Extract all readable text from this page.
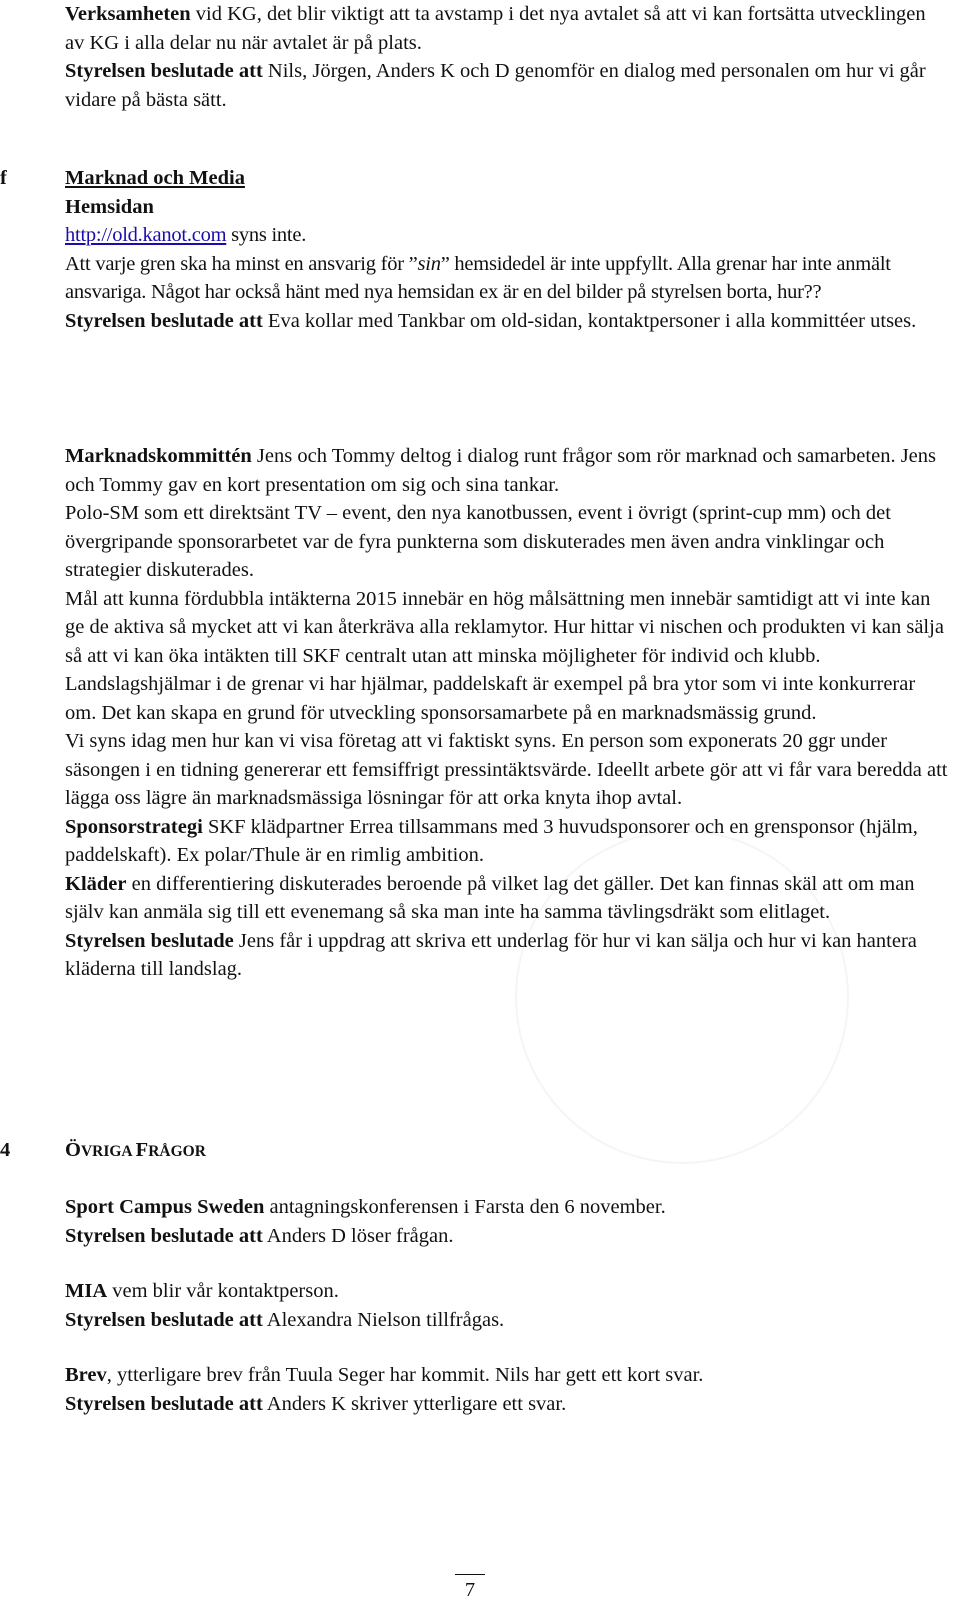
Verksamheten vid KG, det blir viktigt att ta avstamp i det nya avtalet så att vi kan fortsätta utvecklingen av KG i alla delar nu när avtalet är på plats.

Styrelsen beslutade att Nils, Jörgen, Anders K och D genomför en dialog med personalen om hur vi går vidare på bästa sätt.

f	Marknad och Media

Hemsidan

http://old.kanot.com syns inte.

Att varje gren ska ha minst en ansvarig för ”sin” hemsidedel är inte uppfyllt. Alla grenar har inte anmält ansvariga. Något har också hänt med nya hemsidan ex är en del bilder på styrelsen borta, hur??

Styrelsen beslutade att Eva kollar med Tankbar om old-sidan, kontaktpersoner i alla kommittéer utses.

Marknadskommittén Jens och Tommy deltog i dialog runt frågor som rör marknad och samarbeten. Jens och Tommy gav en kort presentation om sig och sina tankar.

Polo-SM som ett direktsänt TV – event, den nya kanotbussen, event i övrigt (sprint-cup mm) och det övergripande sponsorarbetet var de fyra punkterna som diskuterades men även andra vinklingar och strategier diskuterades.

Mål att kunna fördubbla intäkterna 2015 innebär en hög målsättning men innebär samtidigt att vi inte kan ge de aktiva så mycket att vi kan återkräva alla reklamytor. Hur hittar vi nischen och produkten vi kan sälja så att vi kan öka intäkten till SKF centralt utan att minska möjligheter för individ och klubb.

Landslagshjälmar i de grenar vi har hjälmar, paddelskaft är exempel på bra ytor som vi inte konkurrerar om. Det kan skapa en grund för utveckling sponsorsamarbete på en marknadsmässig grund.

Vi syns idag men hur kan vi visa företag att vi faktiskt syns. En person som exponerats 20 ggr under säsongen i en tidning genererar ett femsiffrigt pressintäktsvärde. Ideellt arbete gör att vi får vara beredda att lägga oss lägre än marknadsmässiga lösningar för att orka knyta ihop avtal.

Sponsorstrategi SKF klädpartner Errea tillsammans med 3 huvudsponsorer och en grensponsor (hjälm, paddelskaft). Ex polar/Thule är en rimlig ambition.

Kläder en differentiering diskuterades beroende på vilket lag det gäller. Det kan finnas skäl att om man själv kan anmäla sig till ett evenemang så ska man inte ha samma tävlingsdräkt som elitlaget.

Styrelsen beslutade Jens får i uppdrag att skriva ett underlag för hur vi kan sälja och hur vi kan hantera kläderna till landslag.

4	ÖVRIGA FRÅGOR

Sport Campus Sweden antagningskonferensen i Farsta den 6 november.

Styrelsen beslutade att Anders D löser frågan.

MIA vem blir vår kontaktperson.

Styrelsen beslutade att Alexandra Nielson tillfrågas.

Brev, ytterligare brev från Tuula Seger har kommit. Nils har gett ett kort svar.

Styrelsen beslutade att Anders K skriver ytterligare ett svar.

7
